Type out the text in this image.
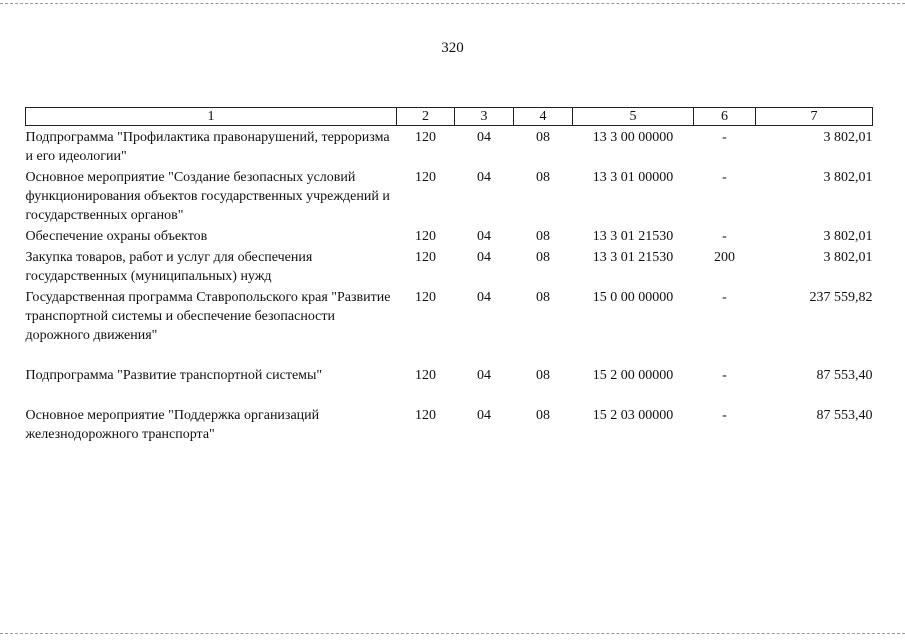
320
1	2	3	4	5	6	7
Подпрограмма "Профилактика правонарушений, терроризма и его идеологии"	120	04	08	13 3 00 00000	-	3 802,01
Основное мероприятие "Создание безопасных условий функционирования объектов государственных учреждений и государственных органов"	120	04	08	13 3 01 00000	-	3 802,01
Обеспечение охраны объектов	120	04	08	13 3 01 21530	-	3 802,01
Закупка товаров, работ и услуг для обеспечения государственных (муниципальных) нужд	120	04	08	13 3 01 21530	200	3 802,01
Государственная программа Ставропольского края "Развитие транспортной системы и обеспечение безопасности дорожного движения"	120	04	08	15 0 00 00000	-	237 559,82
Подпрограмма "Развитие транспортной системы"	120	04	08	15 2 00 00000	-	87 553,40
Основное мероприятие "Поддержка организаций железнодорожного транспорта"	120	04	08	15 2 03 00000	-	87 553,40
